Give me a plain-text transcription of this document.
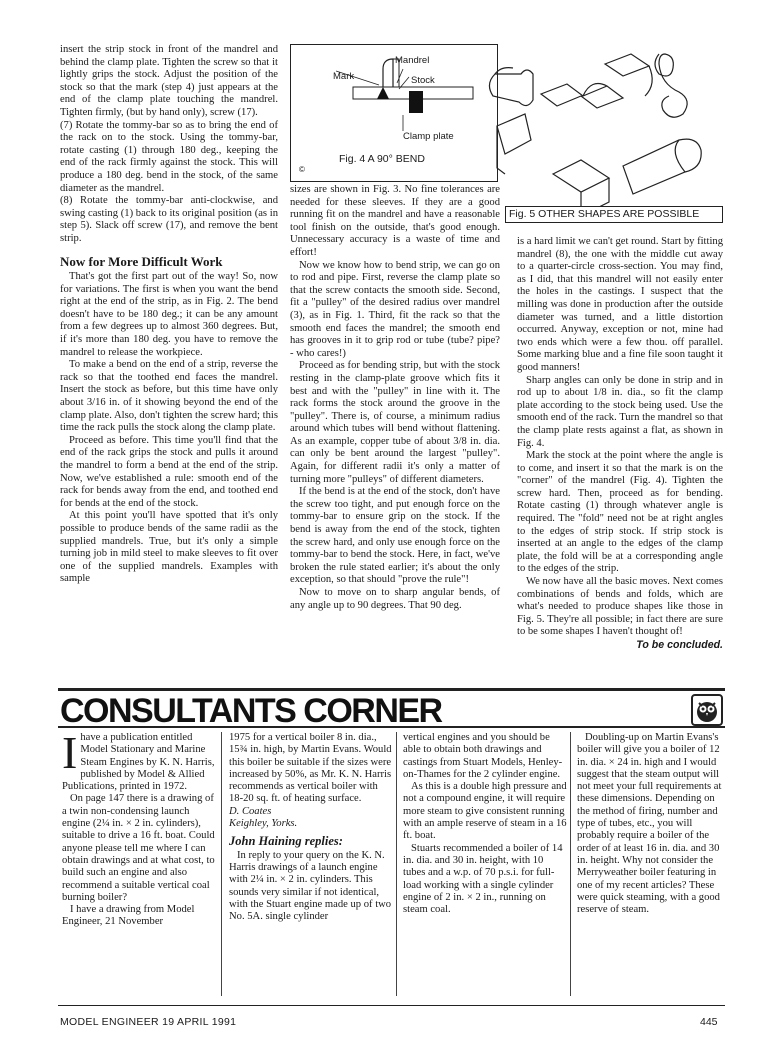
insert the strip stock in front of the mandrel and behind the clamp plate. Tighten the screw so that it lightly grips the stock. Adjust the position of the stock so that the mark (step 4) just appears at the end of the clamp plate touching the mandrel. Tighten firmly, (but by hand only), screw (17).

(7) Rotate the tommy-bar so as to bring the end of the rack on to the stock. Using the tommy-bar, rotate casting (1) through 180 deg., keeping the end of the rack firmly against the stock. This will produce a 180 deg. bend in the stock, of the same diameter as the mandrel.

(8) Rotate the tommy-bar anti-clockwise, and swing casting (1) back to its original position (as in step 5). Slack off screw (17), and remove the bent strip.

Now for More Difficult Work

That's got the first part out of the way! So, now for variations. The first is when you want the bend right at the end of the strip, as in Fig. 2. The bend doesn't have to be 180 deg.; it can be any amount from a few degrees up to almost 360 degrees. But, if it's more than 180 deg. you have to remove the mandrel to release the workpiece.

To make a bend on the end of a strip, reverse the rack so that the toothed end faces the mandrel. Insert the stock as before, but this time have only about 3/16 in. of it showing beyond the end of the clamp plate. Also, don't tighten the screw hard; this time the rack pulls the stock along the clamp plate.

Proceed as before. This time you'll find that the end of the rack grips the stock and pulls it around the mandrel to form a bend at the end of the strip. Now, we've established a rule: smooth end of the rack for bends away from the end, and toothed end for bends at the end of the stock.

At this point you'll have spotted that it's only possible to produce bends of the same radii as the supplied mandrels. True, but it's only a simple turning job in mild steel to make sleeves to fit over one of the supplied mandrels. Examples with sample

Mandrel
Mark	Stock
Clamp plate
Fig. 4 A 90° BEND
©
Fig. 5 OTHER SHAPES ARE POSSIBLE

sizes are shown in Fig. 3. No fine tolerances are needed for these sleeves. If they are a good running fit on the mandrel and have a reasonable tool finish on the outside, that's good enough. Unnecessary accuracy is a waste of time and effort!

Now we know how to bend strip, we can go on to rod and pipe. First, reverse the clamp plate so that the screw contacts the smooth side. Second, fit a "pulley" of the desired radius over mandrel (3), as in Fig. 1. Third, fit the rack so that the smooth end faces the mandrel; the smooth end has grooves in it to grip rod or tube (tube? pipe? - who cares!)

Proceed as for bending strip, but with the stock resting in the clamp-plate groove which fits it best and with the "pulley" in line with it. The rack forms the stock around the groove in the "pulley". There is, of course, a minimum radius around which tubes will bend without flattening. As an example, copper tube of about 3/8 in. dia. can only be bent around the largest "pulley". Again, for different radii it's only a matter of turning more "pulleys" of different diameters.

If the bend is at the end of the stock, don't have the screw too tight, and put enough force on the tommy-bar to ensure grip on the stock. If the bend is away from the end of the stock, tighten the screw hard, and only use enough force on the tommy-bar to bend the stock. Here, in fact, we've broken the rule stated earlier; it's about the only exception, so that should "prove the rule"!

Now to move on to sharp angular bends, of any angle up to 90 degrees. That 90 deg.

is a hard limit we can't get round. Start by fitting mandrel (8), the one with the middle cut away to a quarter-circle cross-section. You may find, as I did, that this mandrel will not easily enter the holes in the castings. I suspect that the milling was done in production after the outside diameter was turned, and a little distortion occurred. Anyway, exception or not, mine had two ends which were a few thou. off parallel. Some marking blue and a fine file soon taught it good manners!

Sharp angles can only be done in strip and in rod up to about 1/8 in. dia., so fit the clamp plate according to the stock being used. Use the smooth end of the rack. Turn the mandrel so that the clamp plate rests against a flat, as shown in Fig. 4.

Mark the stock at the point where the angle is to come, and insert it so that the mark is on the "corner" of the mandrel (Fig. 4). Tighten the screw hard. Then, proceed as for bending. Rotate casting (1) through whatever angle is required. The "fold" need not be at right angles to the edges of strip stock. If strip stock is inserted at an angle to the edges of the clamp plate, the fold will be at a corresponding angle to the edges of the strip.

We now have all the basic moves. Next comes combinations of bends and folds, which are what's needed to produce shapes like those in Fig. 5. They're all possible; in fact there are sure to be some shapes I haven't thought of!
To be concluded.

CONSULTANTS CORNER

Ihave a publication entitled Model Stationary and Marine Steam Engines by K. N. Harris, published by Model & Allied Publications, printed in 1972.

On page 147 there is a drawing of a twin non-condensing launch engine (2¼ in. × 2 in. cylinders), suitable to drive a 16 ft. boat. Could anyone please tell me where I can obtain drawings and at what cost, to build such an engine and also recommend a suitable vertical coal burning boiler?

I have a drawing from Model Engineer, 21 November

1975 for a vertical boiler 8 in. dia., 15¾ in. high, by Martin Evans. Would this boiler be suitable if the sizes were increased by 50%, as Mr. K. N. Harris recommends as vertical boiler with 18-20 sq. ft. of heating surface.

D. Coates

Keighley, Yorks.

John Haining replies:

In reply to your query on the K. N. Harris drawings of a launch engine with 2¼ in. × 2 in. cylinders. This sounds very similar if not identical, with the Stuart engine made up of two No. 5A. single cylinder

vertical engines and you should be able to obtain both drawings and castings from Stuart Models, Henley-on-Thames for the 2 cylinder engine.

As this is a double high pressure and not a compound engine, it will require more steam to give consistent running with an ample reserve of steam in a 16 ft. boat.

Stuarts recommended a boiler of 14 in. dia. and 30 in. height, with 10 tubes and a w.p. of 70 p.s.i. for full-load working with a single cylinder engine of 2 in. × 2 in., running on steam coal.

Doubling-up on Martin Evans's boiler will give you a boiler of 12 in. dia. × 24 in. high and I would suggest that the steam output will not meet your full requirements at these dimensions. Depending on the method of firing, number and type of tubes, etc., you will probably require a boiler of the order of at least 16 in. dia. and 30 in. height. Why not consider the Merryweather boiler featuring in one of my recent articles? These were quick steaming, with a good reserve of steam.

MODEL ENGINEER 19 APRIL 1991	445
